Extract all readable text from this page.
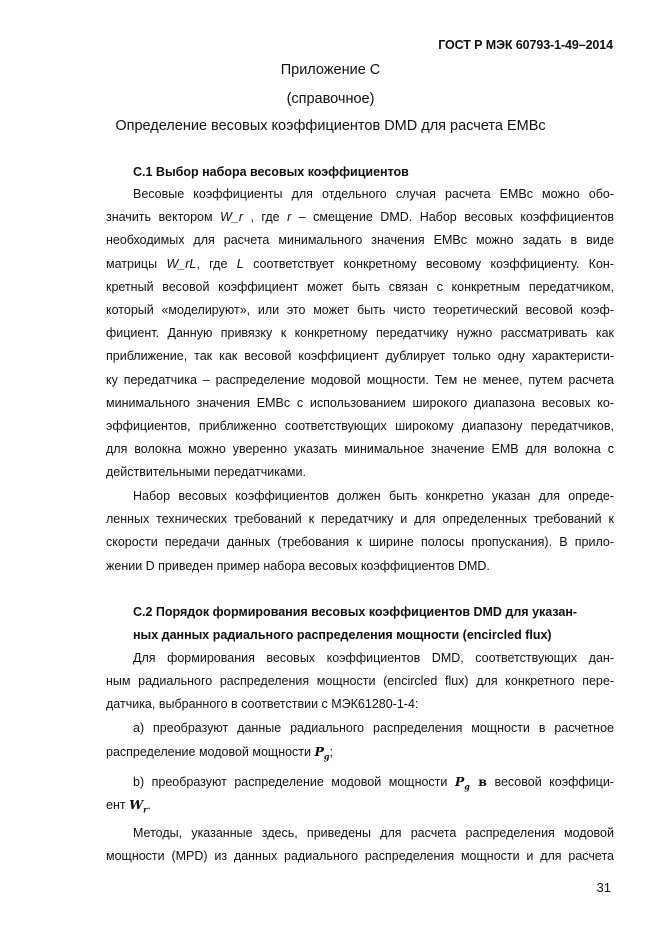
ГОСТ Р МЭК 60793-1-49–2014
Приложение С
(справочное)
Определение весовых коэффициентов DMD для расчета EMBc
С.1 Выбор набора весовых коэффициентов
Весовые коэффициенты для отдельного случая расчета EMBc можно обо-
значить вектором W_r , где r – смещение DMD. Набор весовых коэффициентов
необходимых для расчета минимального значения EMBc можно задать в виде
матрицы W_rL, где L соответствует конкретному весовому коэффициенту. Кон-
кретный весовой коэффициент может быть связан с конкретным передатчиком,
который «моделируют», или это может быть чисто теоретический весовой коэф-
фициент. Данную привязку к конкретному передатчику нужно рассматривать как
приближение, так как весовой коэффициент дублирует только одну характеристи-
ку передатчика – распределение модовой мощности. Тем не менее, путем расчета
минимального значения EMBc с использованием широкого диапазона весовых ко-
эффициентов, приближенно соответствующих широкому диапазону передатчиков,
для волокна можно уверенно указать минимальное значение EMB для волокна с
действительными передатчиками.
Набор весовых коэффициентов должен быть конкретно указан для опреде-
ленных технических требований к передатчику и для определенных требований к
скорости передачи данных (требования к ширине полосы пропускания). В прило-
жении D приведен пример набора весовых коэффициентов DMD.
С.2 Порядок формирования весовых коэффициентов DMD для указан-
ных данных радиального распределения мощности (encircled flux)
Для формирования весовых коэффициентов DMD, соответствующих дан-
ным радиального распределения мощности (encircled flux) для конкретного пере-
датчика, выбранного в соответствии с МЭК61280-1-4:
а) преобразуют данные радиального распределения мощности в расчетное
распределение модовой мощности $P_g$;
b) преобразуют распределение модовой мощности $P_g$ в весовой коэффици-
ент $W_r$.
Методы, указанные здесь, приведены для расчета распределения модовой
мощности (MPD) из данных радиального распределения мощности и для расчета
31
